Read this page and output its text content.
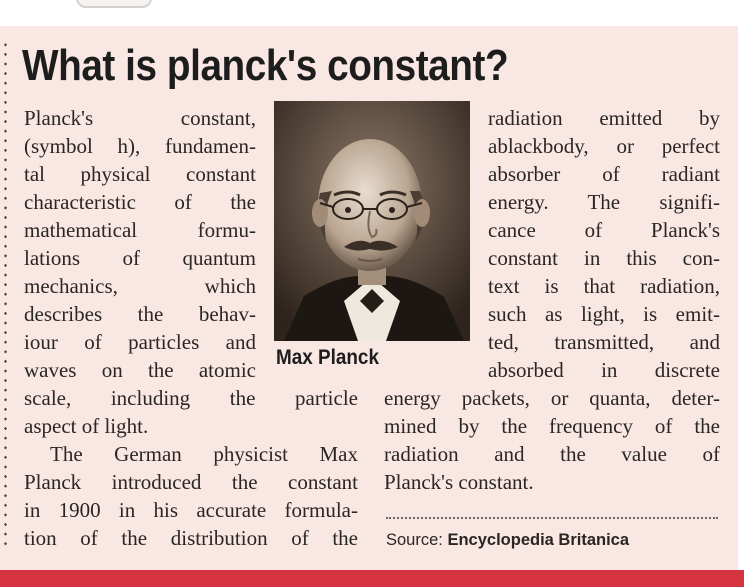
What is planck's constant?
Planck's constant,
(symbol h), fundamen-
tal physical constant
characteristic of the
mathematical formu-
lations of quantum
mechanics, which
describes the behav-
iour of particles and
waves on the atomic
scale, including the particle
aspect of light.
The German physicist Max
Planck introduced the constant
in 1900 in his accurate formula-
tion of the distribution of the
Max Planck
radiation emitted by
ablackbody, or perfect
absorber of radiant
energy. The signifi-
cance of Planck's
constant in this con-
text is that radiation,
such as light, is emit-
ted, transmitted, and
absorbed in discrete
energy packets, or quanta, deter-
mined by the frequency of the
radiation and the value of
Planck's constant.

Source: Encyclopedia Britanica
